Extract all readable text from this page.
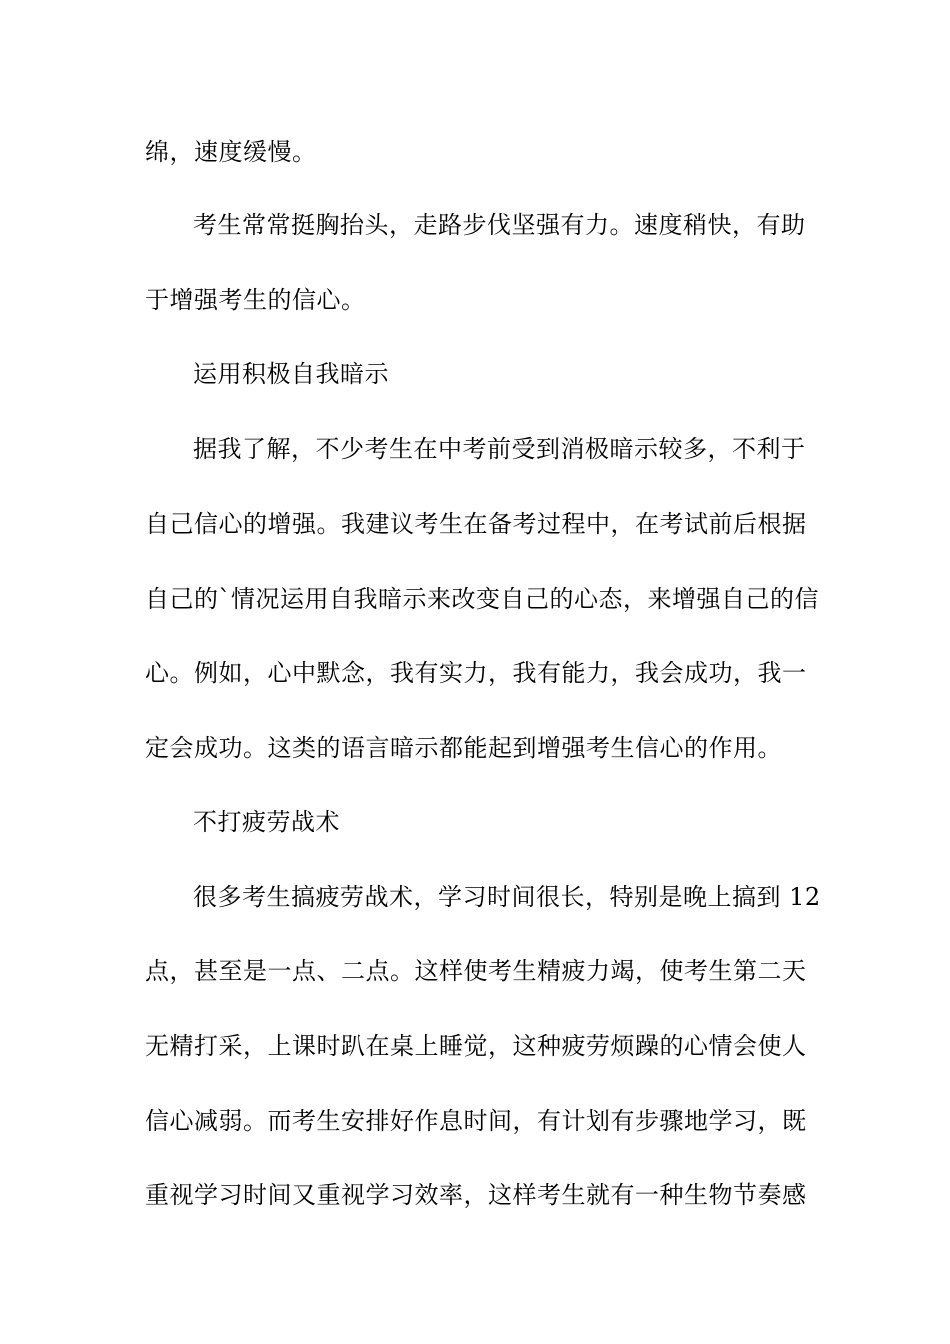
绵，速度缓慢。
考生常常挺胸抬头，走路步伐坚强有力。速度稍快，有助
于增强考生的信心。
运用积极自我暗示
据我了解，不少考生在中考前受到消极暗示较多，不利于
自己信心的增强。我建议考生在备考过程中，在考试前后根据
自己的`情况运用自我暗示来改变自己的心态，来增强自己的信
心。例如，心中默念，我有实力，我有能力，我会成功，我一
定会成功。这类的语言暗示都能起到增强考生信心的作用。
不打疲劳战术
很多考生搞疲劳战术，学习时间很长，特别是晚上搞到 12
点，甚至是一点、二点。这样使考生精疲力竭，使考生第二天
无精打采，上课时趴在桌上睡觉，这种疲劳烦躁的心情会使人
信心减弱。而考生安排好作息时间，有计划有步骤地学习，既
重视学习时间又重视学习效率，这样考生就有一种生物节奏感
